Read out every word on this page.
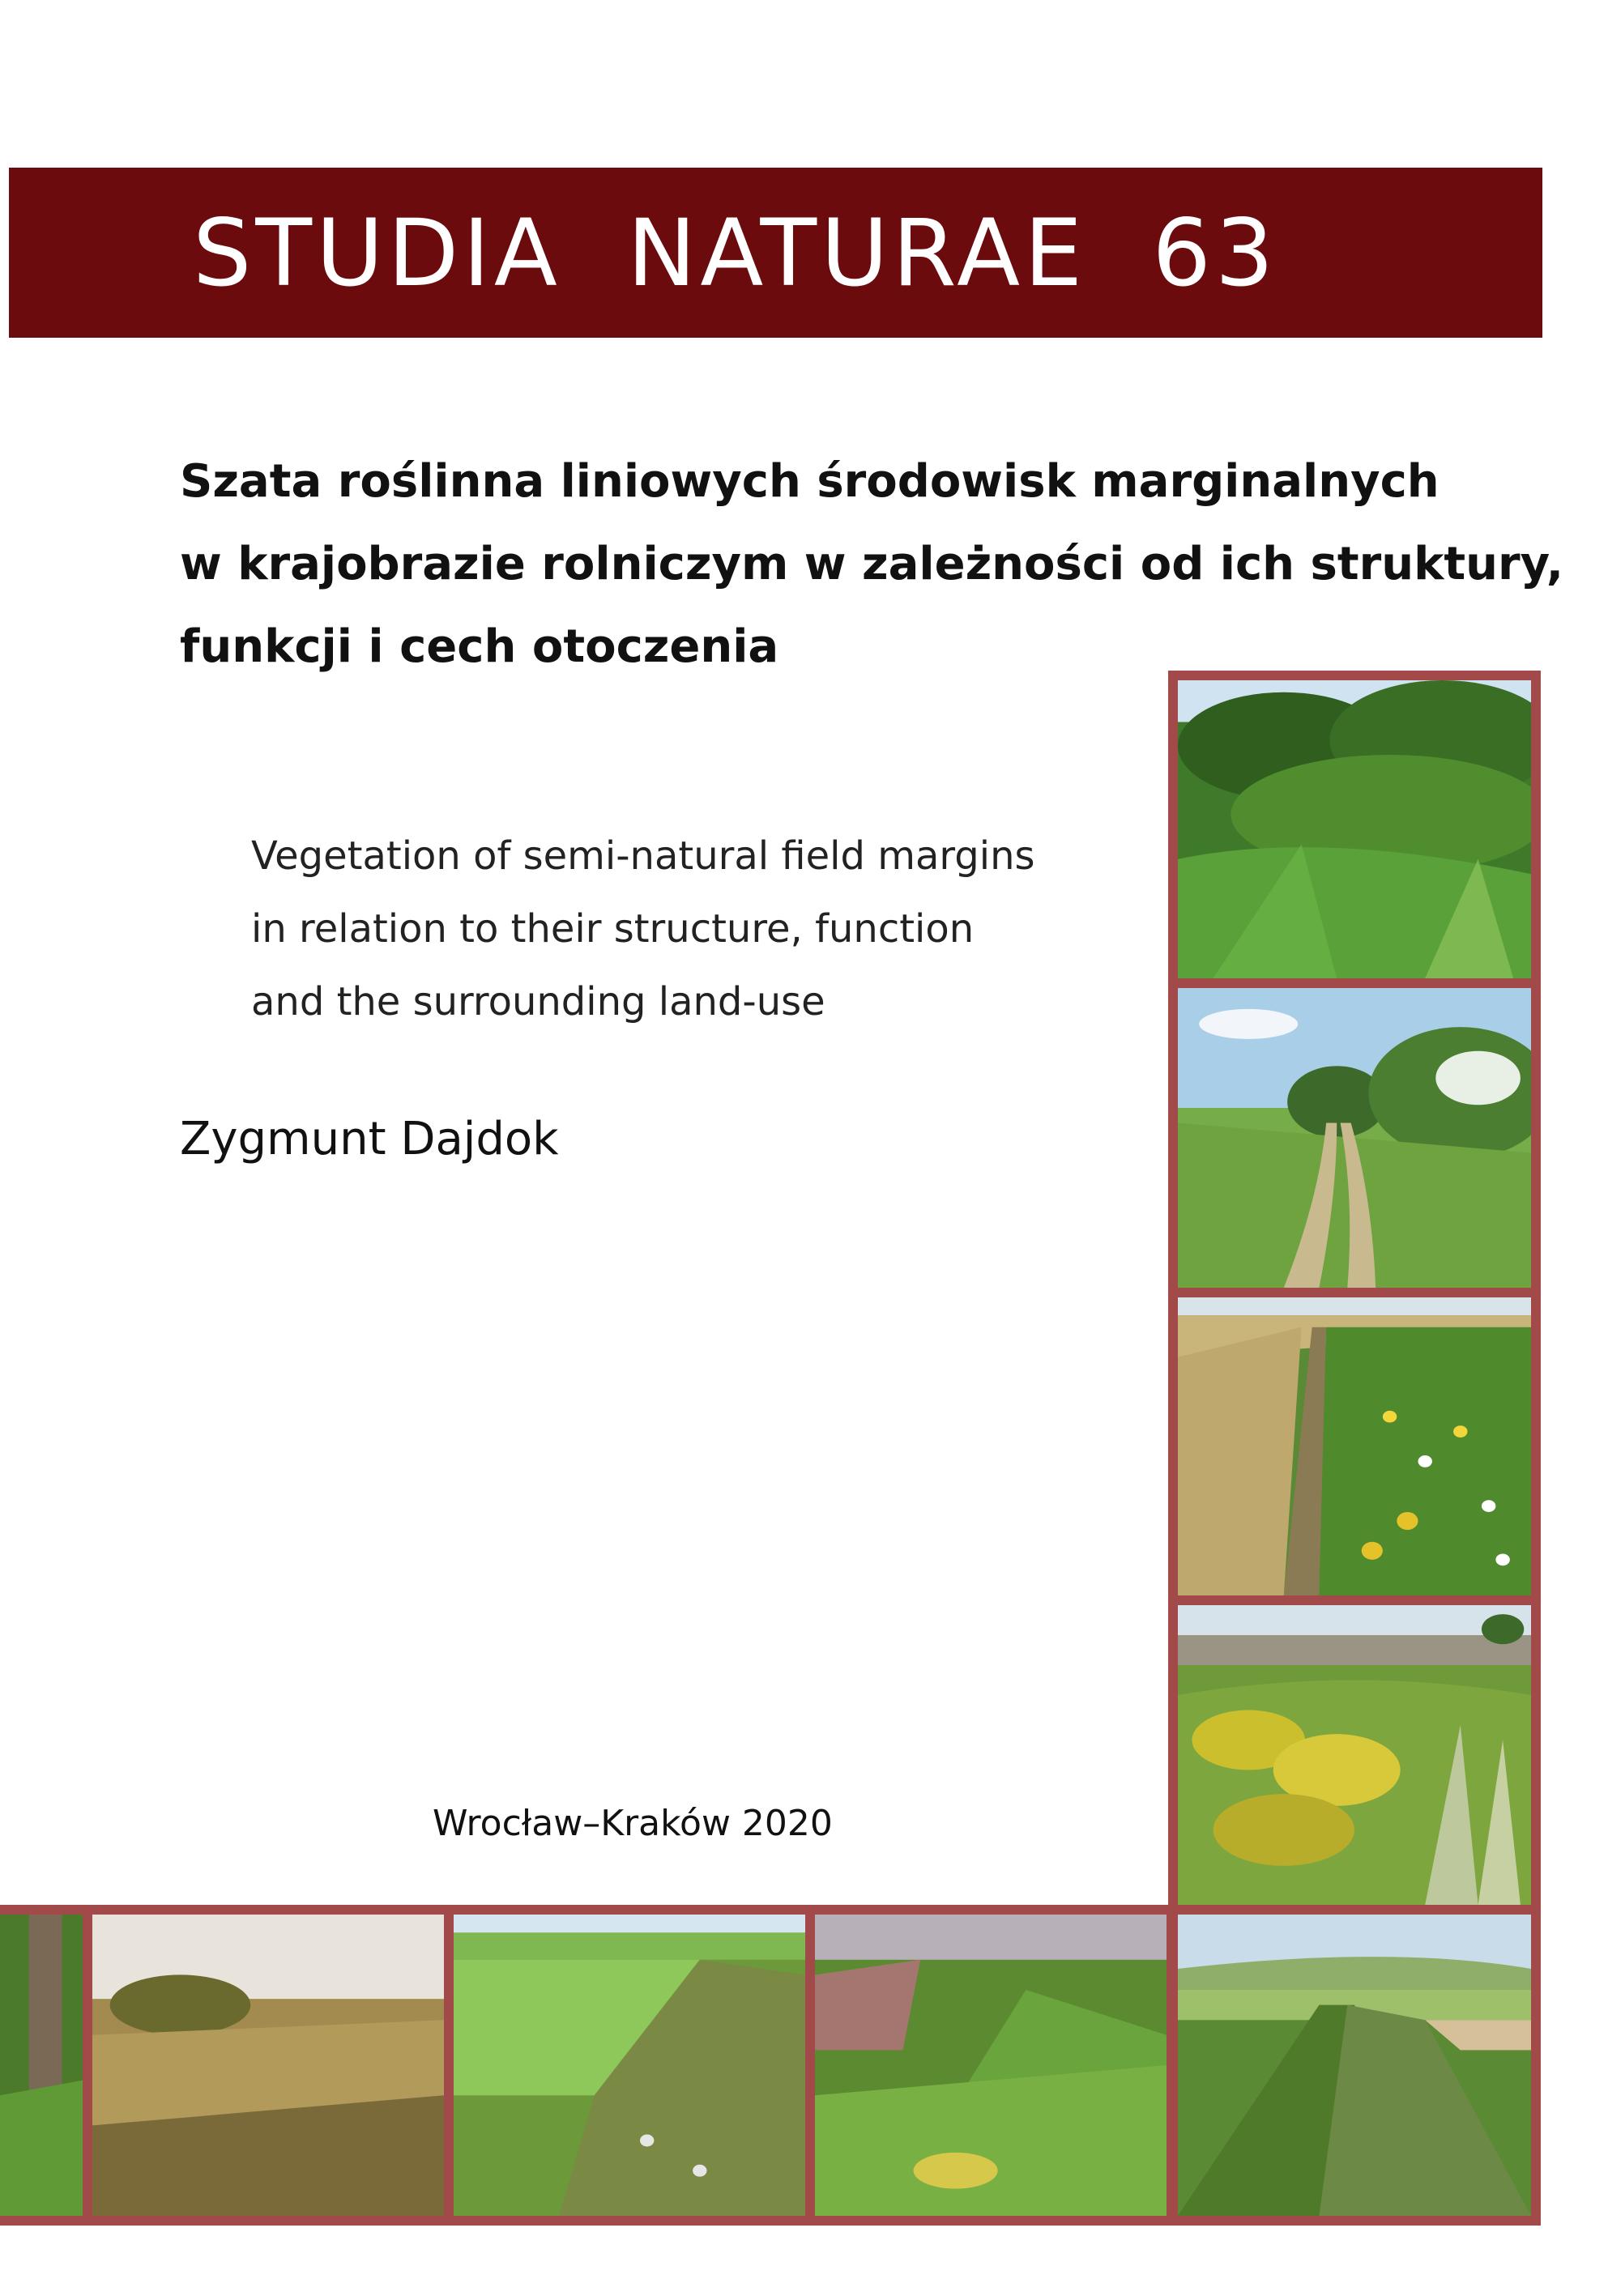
STUDIA NATURAE 63
Szata roślinna liniowych środowisk marginalnych
w krajobrazie rolniczym w zależności od ich struktury,
funkcji i cech otoczenia
Vegetation of semi-natural field margins
in relation to their structure, function
and the surrounding land-use
Zygmunt Dajdok
Wrocław–Kraków 2020
